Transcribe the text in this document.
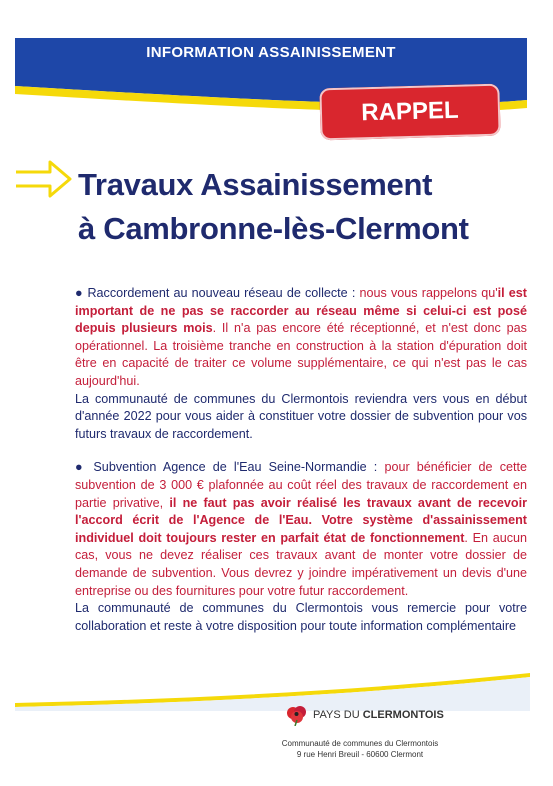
INFORMATION ASSAINISSEMENT
RAPPEL
Travaux Assainissement
à Cambronne-lès-Clermont

● Raccordement au nouveau réseau de collecte : nous vous rappelons qu'il est important de ne pas se raccorder au réseau même si celui-ci est posé depuis plusieurs mois. Il n'a pas encore été réceptionné, et n'est donc pas opérationnel. La troisième tranche en construction à la station d'épuration doit être en capacité de traiter ce volume supplémentaire, ce qui n'est pas le cas aujourd'hui.

La communauté de communes du Clermontois reviendra vers vous en début d'année 2022 pour vous aider à constituer votre dossier de subvention pour vos futurs travaux de raccordement.

● Subvention Agence de l'Eau Seine-Normandie : pour bénéficier de cette subvention de 3 000 € plafonnée au coût réel des travaux de raccordement en partie privative, il ne faut pas avoir réalisé les travaux avant de recevoir l'accord écrit de l'Agence de l'Eau. Votre système d'assainissement individuel doit toujours rester en parfait état de fonctionnement. En aucun cas, vous ne devez réaliser ces travaux avant de monter votre dossier de demande de subvention. Vous devrez y joindre impérativement un devis d'une entreprise ou des fournitures pour votre futur raccordement.

La communauté de communes du Clermontois vous remercie pour votre collaboration et reste à votre disposition pour toute information complémentaire

PAYS DU CLERMONTOIS
Communauté de communes du Clermontois
9 rue Henri Breuil - 60600 Clermont
